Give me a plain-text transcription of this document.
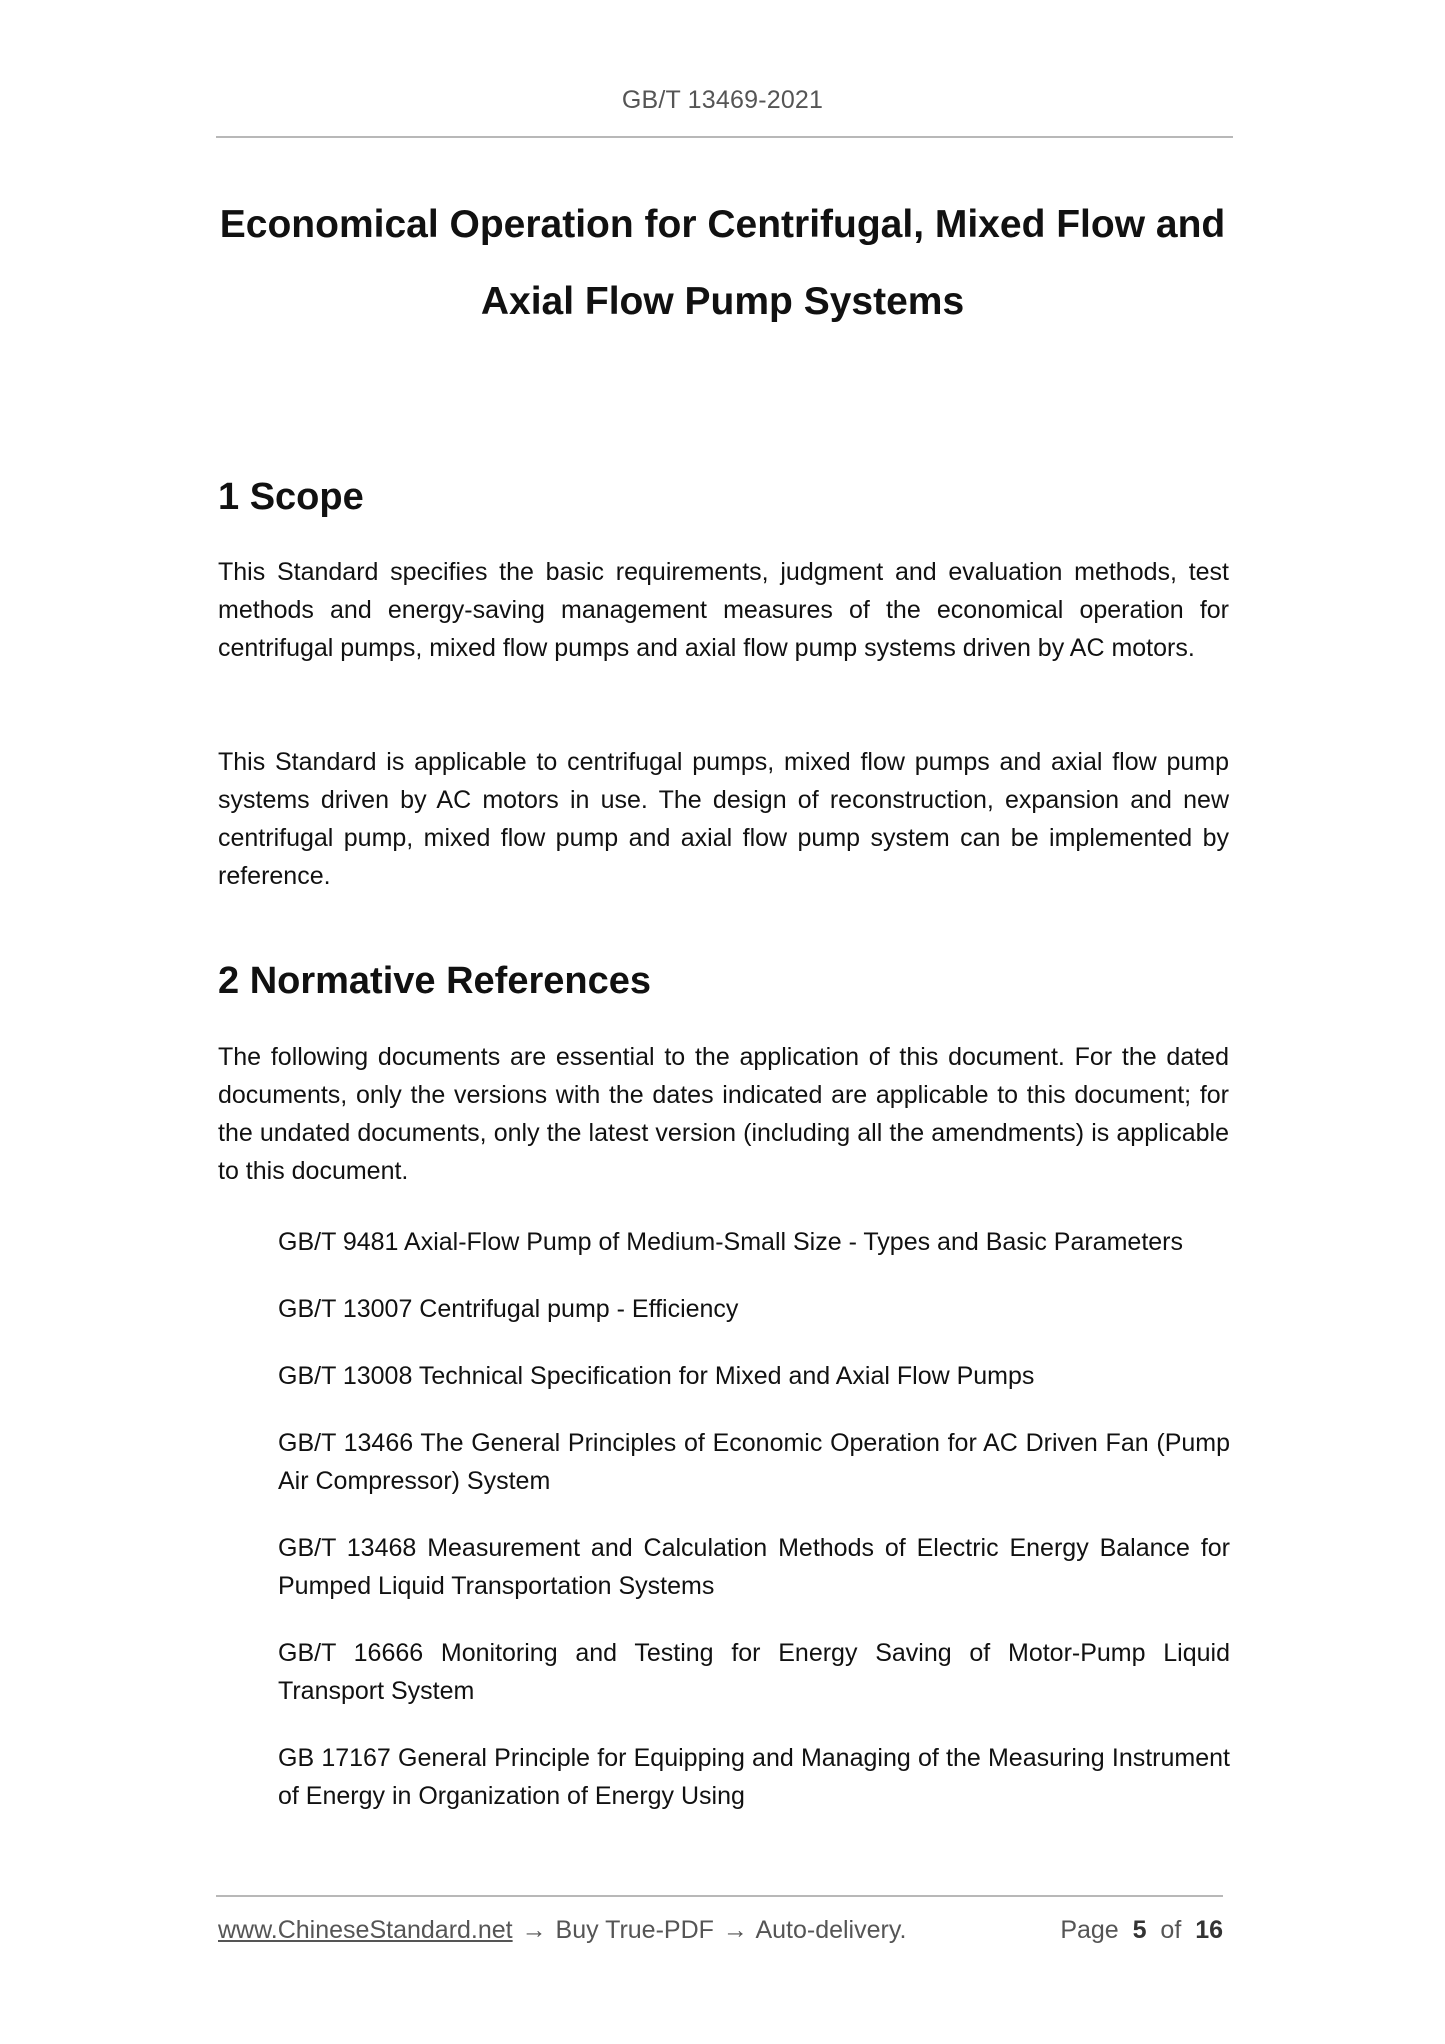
GB/T 13469-2021
Economical Operation for Centrifugal, Mixed Flow and
Axial Flow Pump Systems
1 Scope

This Standard specifies the basic requirements, judgment and evaluation methods, test methods and energy-saving management measures of the economical operation for centrifugal pumps, mixed flow pumps and axial flow pump systems driven by AC motors.

This Standard is applicable to centrifugal pumps, mixed flow pumps and axial flow pump systems driven by AC motors in use. The design of reconstruction, expansion and new centrifugal pump, mixed flow pump and axial flow pump system can be implemented by reference.

2 Normative References

The following documents are essential to the application of this document. For the dated documents, only the versions with the dates indicated are applicable to this document; for the undated documents, only the latest version (including all the amendments) is applicable to this document.

GB/T 9481 Axial-Flow Pump of Medium-Small Size - Types and Basic Parameters
GB/T 13007 Centrifugal pump - Efficiency
GB/T 13008 Technical Specification for Mixed and Axial Flow Pumps
GB/T 13466 The General Principles of Economic Operation for AC Driven Fan (Pump Air Compressor) System
GB/T 13468 Measurement and Calculation Methods of Electric Energy Balance for Pumped Liquid Transportation Systems
GB/T 16666 Monitoring and Testing for Energy Saving of Motor-Pump Liquid Transport System
GB 17167 General Principle for Equipping and Managing of the Measuring Instrument of Energy in Organization of Energy Using
www.ChineseStandard.net → Buy True-PDF → Auto-delivery.	Page 5 of 16
